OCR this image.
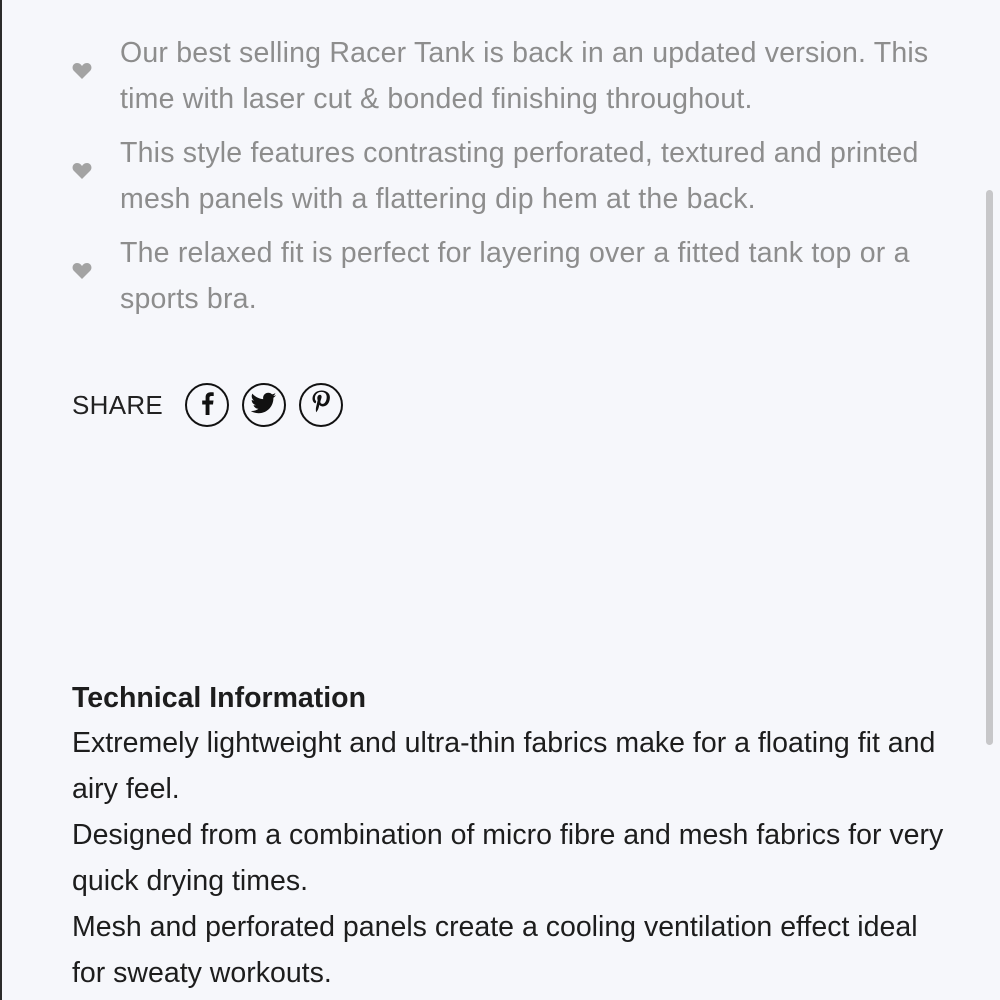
Our best selling Racer Tank is back in an updated version. This time with laser cut & bonded finishing throughout.
This style features contrasting perforated, textured and printed mesh panels with a flattering dip hem at the back.
The relaxed fit is perfect for layering over a fitted tank top or a sports bra.
SHARE
Technical Information
Extremely lightweight and ultra-thin fabrics make for a floating fit and airy feel.
Designed from a combination of micro fibre and mesh fabrics for very quick drying times.
Mesh and perforated panels create a cooling ventilation effect ideal for sweaty workouts.
